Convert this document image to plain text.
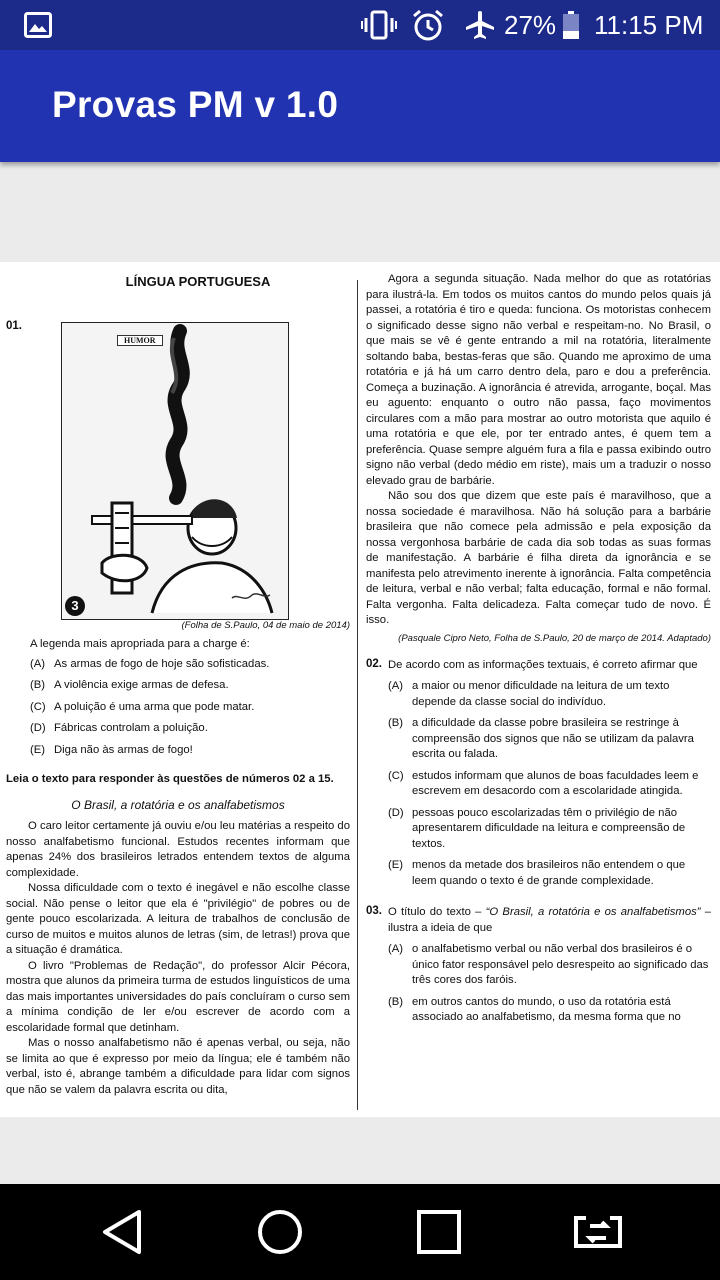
27% 11:15 PM
Provas PM v 1.0
LÍNGUA PORTUGUESA
01.
HUMOR
3
(Folha de S.Paulo, 04 de maio de 2014)
A legenda mais apropriada para a charge é:
(A) As armas de fogo de hoje são sofisticadas.
(B) A violência exige armas de defesa.
(C) A poluição é uma arma que pode matar.
(D) Fábricas controlam a poluição.
(E) Diga não às armas de fogo!
Leia o texto para responder às questões de números 02 a 15.
O Brasil, a rotatória e os analfabetismos
O caro leitor certamente já ouviu e/ou leu matérias a respeito do nosso analfabetismo funcional. Estudos recentes informam que apenas 24% dos brasileiros letrados entendem textos de alguma complexidade.
Nossa dificuldade com o texto é inegável e não escolhe classe social. Não pense o leitor que ela é "privilégio" de pobres ou de gente pouco escolarizada. A leitura de trabalhos de conclusão de curso de muitos e muitos alunos de letras (sim, de letras!) prova que a situação é dramática.
O livro "Problemas de Redação", do professor Alcir Pécora, mostra que alunos da primeira turma de estudos linguísticos de uma das mais importantes universidades do país concluíram o curso sem a mínima condição de ler e/ou escrever de acordo com a escolaridade formal que detinham.
Mas o nosso analfabetismo não é apenas verbal, ou seja, não se limita ao que é expresso por meio da língua; ele é também não verbal, isto é, abrange também a dificuldade para lidar com signos que não se valem da palavra escrita ou dita,
Agora a segunda situação. Nada melhor do que as rotatórias para ilustrá-la. Em todos os muitos cantos do mundo pelos quais já passei, a rotatória é tiro e queda: funciona. Os motoristas conhecem o significado desse signo não verbal e respeitam-no. No Brasil, o que mais se vê é gente entrando a mil na rotatória, literalmente soltando baba, bestas-feras que são. Quando me aproximo de uma rotatória e já há um carro dentro dela, paro e dou a preferência. Começa a buzinação. A ignorância é atrevida, arrogante, boçal. Mas eu aguento: enquanto o outro não passa, faço movimentos circulares com a mão para mostrar ao outro motorista que aquilo é uma rotatória e que ele, por ter entrado antes, é quem tem a preferência. Quase sempre alguém fura a fila e passa exibindo outro signo não verbal (dedo médio em riste), mais um a traduzir o nosso elevado grau de barbárie.
Não sou dos que dizem que este país é maravilhoso, que a nossa sociedade é maravilhosa. Não há solução para a barbárie brasileira que não comece pela admissão e pela exposição da nossa vergonhosa barbárie de cada dia sob todas as suas formas de manifestação. A barbárie é filha direta da ignorância e se manifesta pelo atrevimento inerente à ignorância. Falta competência de leitura, verbal e não verbal; falta educação, formal e não formal. Falta vergonha. Falta delicadeza. Falta começar tudo de novo. É isso.
(Pasquale Cipro Neto, Folha de S.Paulo, 20 de março de 2014. Adaptado)
02. De acordo com as informações textuais, é correto afirmar que
(A) a maior ou menor dificuldade na leitura de um texto depende da classe social do indivíduo.
(B) a dificuldade da classe pobre brasileira se restringe à compreensão dos signos que não se utilizam da palavra escrita ou falada.
(C) estudos informam que alunos de boas faculdades leem e escrevem em desacordo com a escolaridade atingida.
(D) pessoas pouco escolarizadas têm o privilégio de não apresentarem dificuldade na leitura e compreensão de textos.
(E) menos da metade dos brasileiros não entendem o que leem quando o texto é de grande complexidade.
03. O título do texto – “O Brasil, a rotatória e os analfabetismos” – ilustra a ideia de que
(A) o analfabetismo verbal ou não verbal dos brasileiros é o único fator responsável pelo desrespeito ao significado das três cores dos faróis.
(B) em outros cantos do mundo, o uso da rotatória está associado ao analfabetismo, da mesma forma que no
